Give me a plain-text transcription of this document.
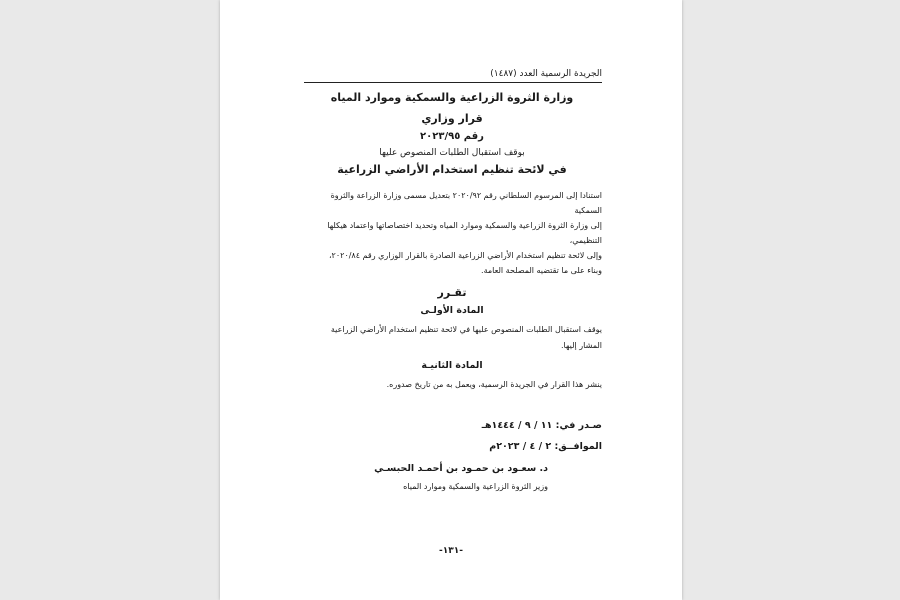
الجريدة الرسمية العدد (١٤٨٧)
وزارة الثروة الزراعية والسمكية وموارد المياه
قرار وزاري
رقم ٢٠٢٣/٩٥
بوقف استقبال الطلبات المنصوص عليها
في لائحة تنظيم استخدام الأراضي الزراعية

استنادا إلى المرسوم السلطاني رقم ٢٠٢٠/٩٢ بتعديل مسمى وزارة الزراعة والثروة السمكية

إلى وزارة الثروة الزراعية والسمكية وموارد المياه وتحديد اختصاصاتها واعتماد هيكلها

التنظيمي،

وإلى لائحة تنظيم استخدام الأراضي الزراعية الصادرة بالقرار الوزاري رقم ٢٠٢٠/٨٤،

وبناء على ما تقتضيه المصلحة العامة.

تقـرر
المادة الأولـى
يوقف استقبال الطلبات المنصوص عليها في لائحة تنظيم استخدام الأراضي الزراعية
المشار إليها.
المادة الثانيـة
ينشر هذا القرار في الجريدة الرسمية، ويعمل به من تاريخ صدوره.
صـدر في: ١١ / ٩ / ١٤٤٤هـ
الموافــق: ٢ / ٤ / ٢٠٢٣م
د. سعـود بن حمـود بن أحمـد الحبسـي
وزير الثروة الزراعية والسمكية وموارد المياه
-١٣١-
